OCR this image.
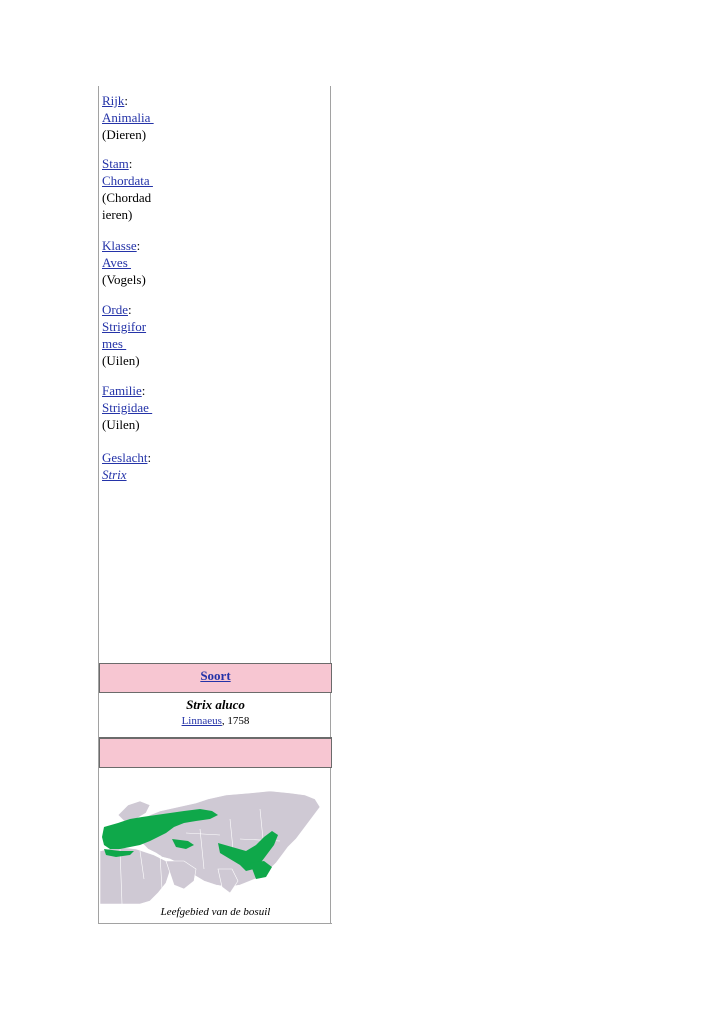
Rijk:
Animalia
(Dieren)
Stam:
Chordata
(Chordad
ieren)
Klasse:
Aves
(Vogels)
Orde:
Strigifor
mes
(Uilen)
Familie:
Strigidae
(Uilen)
Geslacht:
Strix
Soort
Strix aluco
Linnaeus, 1758
Leefgebied van de bosuil
